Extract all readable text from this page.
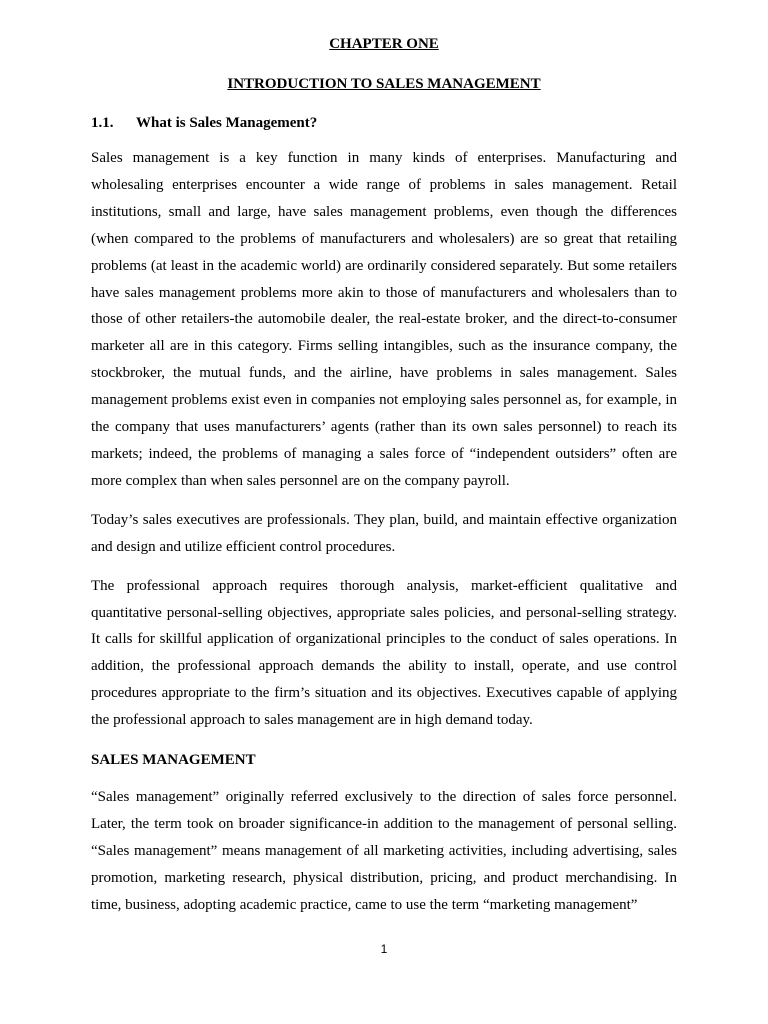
CHAPTER ONE
INTRODUCTION TO SALES MANAGEMENT
1.1. What is Sales Management?

Sales management is a key function in many kinds of enterprises. Manufacturing and wholesaling enterprises encounter a wide range of problems in sales management. Retail institutions, small and large, have sales management problems, even though the differences (when compared to the problems of manufacturers and wholesalers) are so great that retailing problems (at least in the academic world) are ordinarily considered separately. But some retailers have sales management problems more akin to those of manufacturers and wholesalers than to those of other retailers-the automobile dealer, the real-estate broker, and the direct-to-consumer marketer all are in this category. Firms selling intangibles, such as the insurance company, the stockbroker, the mutual funds, and the airline, have problems in sales management. Sales management problems exist even in companies not employing sales personnel as, for example, in the company that uses manufacturers’ agents (rather than its own sales personnel) to reach its markets; indeed, the problems of managing a sales force of “independent outsiders” often are more complex than when sales personnel are on the company payroll.

Today’s sales executives are professionals. They plan, build, and maintain effective organization and design and utilize efficient control procedures.

The professional approach requires thorough analysis, market-efficient qualitative and quantitative personal-selling objectives, appropriate sales policies, and personal-selling strategy. It calls for skillful application of organizational principles to the conduct of sales operations. In addition, the professional approach demands the ability to install, operate, and use control procedures appropriate to the firm’s situation and its objectives. Executives capable of applying the professional approach to sales management are in high demand today.

SALES MANAGEMENT

“Sales management” originally referred exclusively to the direction of sales force personnel. Later, the term took on broader significance-in addition to the management of personal selling. “Sales management” means management of all marketing activities, including advertising, sales promotion, marketing research, physical distribution, pricing, and product merchandising. In time, business, adopting academic practice, came to use the term “marketing management”

1
